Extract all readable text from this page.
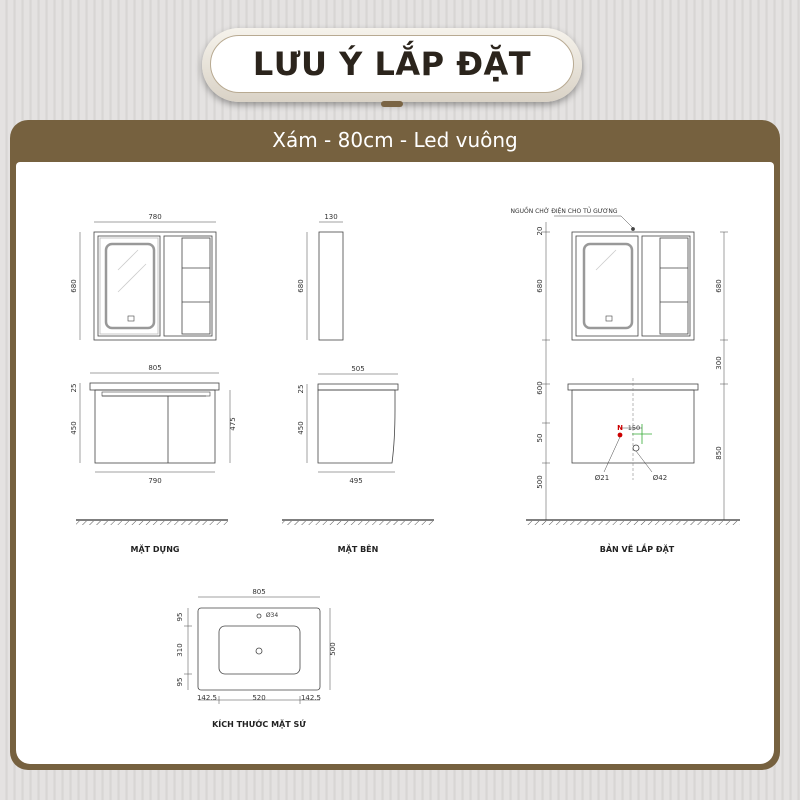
LƯU Ý LẮP ĐẶT
Xám - 80cm - Led vuông
780
680
805
25
450	475
790
MẶT DỰNG
130
680
505
25
450
495
MẶT BÊN
NGUỒN CHỜ ĐIỆN CHO TỦ GƯƠNG
20
680
600
50
500
680
300
850
150
N
Ø21	Ø42
BẢN VẼ LẮP ĐẶT
805
Ø34
95
310
95
500
142.5	520	142.5
KÍCH THƯỚC MẶT SỨ
